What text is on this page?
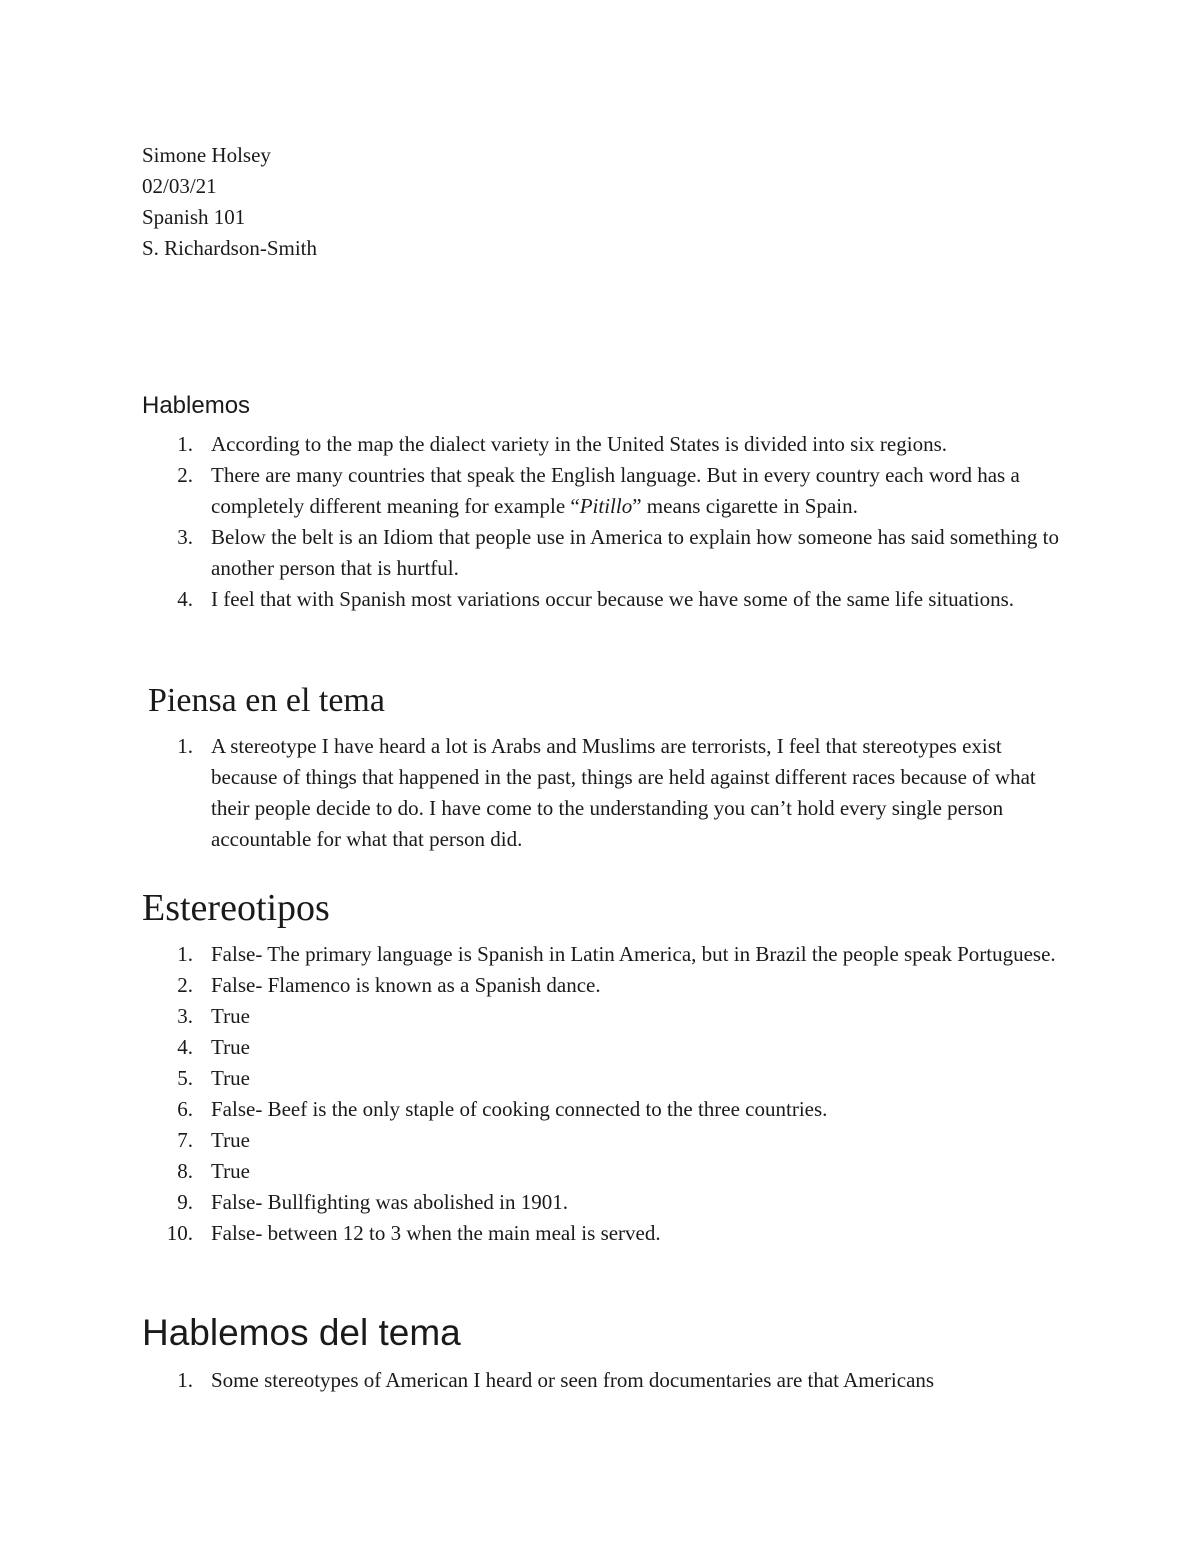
Simone Holsey
02/03/21
Spanish 101
S. Richardson-Smith
Hablemos
1. According to the map the dialect variety in the United States is divided into six regions.
2. There are many countries that speak the English language. But in every country each word has a completely different meaning for example “Pitillo” means cigarette in Spain.
3. Below the belt is an Idiom that people use in America to explain how someone has said something to another person that is hurtful.
4. I feel that with Spanish most variations occur because we have some of the same life situations.
Piensa en el tema
1. A stereotype I have heard a lot is Arabs and Muslims are terrorists, I feel that stereotypes exist because of things that happened in the past, things are held against different races because of what their people decide to do. I have come to the understanding you can’t hold every single person accountable for what that person did.
Estereotipos
1. False- The primary language is Spanish in Latin America, but in Brazil the people speak Portuguese.
2. False- Flamenco is known as a Spanish dance.
3. True
4. True
5. True
6. False- Beef is the only staple of cooking connected to the three countries.
7. True
8. True
9. False- Bullfighting was abolished in 1901.
10. False- between 12 to 3 when the main meal is served.
Hablemos del tema
1. Some stereotypes of American I heard or seen from documentaries are that Americans
